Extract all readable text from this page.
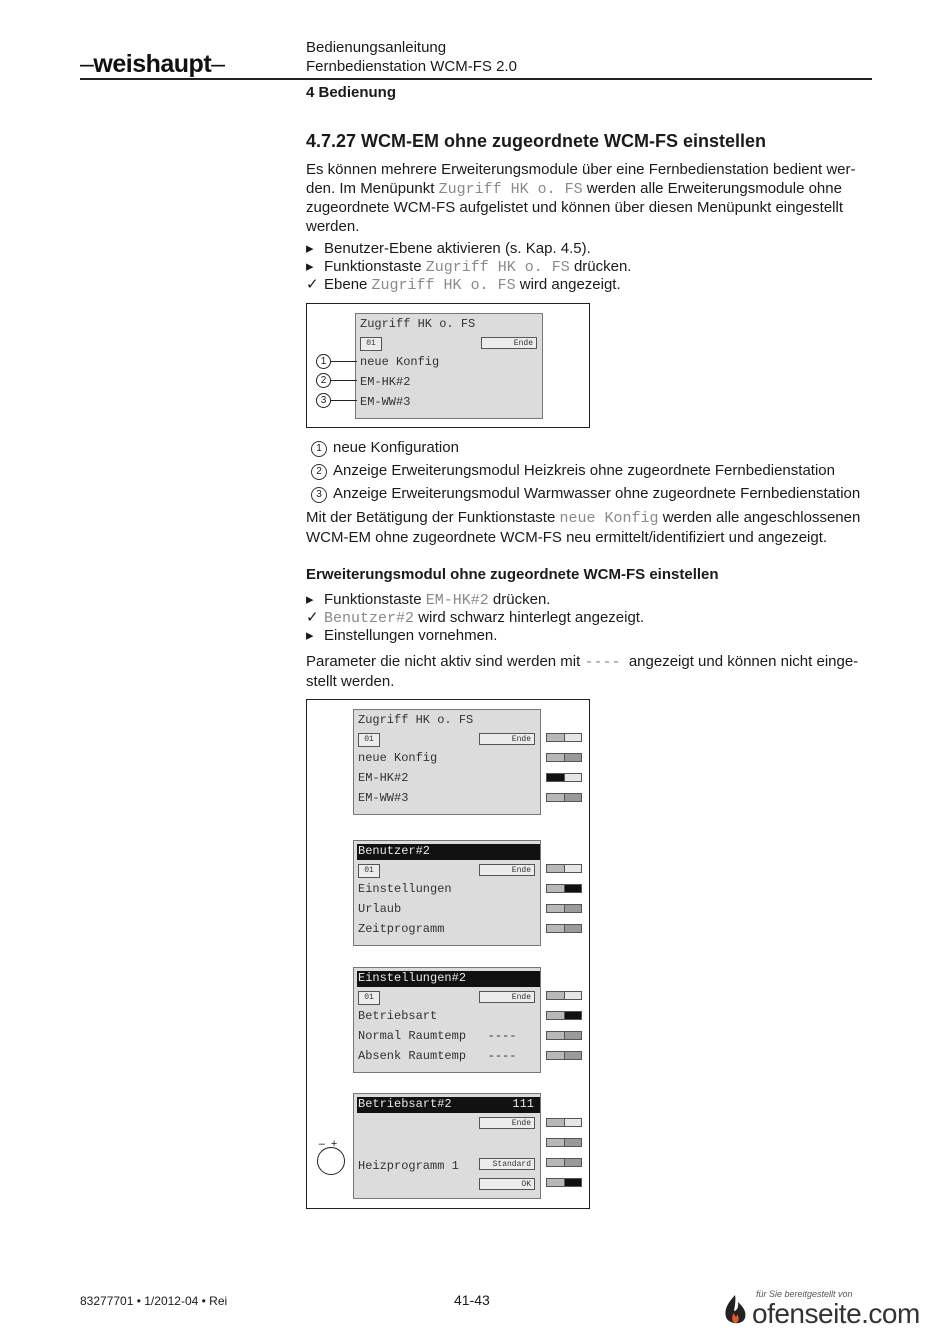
–weishaupt–
Bedienungsanleitung
Fernbedienstation WCM-FS 2.0
4 Bedienung
4.7.27 WCM-EM ohne zugeordnete WCM-FS einstellen
Es können mehrere Erweiterungsmodule über eine Fernbedienstation bedient wer-
den. Im Menüpunkt Zugriff HK o. FS werden alle Erweiterungsmodule ohne
zugeordnete WCM-FS aufgelistet und können über diesen Menüpunkt eingestellt
werden.
▸ Benutzer-Ebene aktivieren (s. Kap. 4.5).
▸ Funktionstaste Zugriff HK o. FS drücken.
✓ Ebene Zugriff HK o. FS wird angezeigt.
Zugriff HK o. FS
01	Ende
neue Konfig
EM-HK#2
EM-WW#3
1
2
3
1 neue Konfiguration
2 Anzeige Erweiterungsmodul Heizkreis ohne zugeordnete Fernbedienstation
3 Anzeige Erweiterungsmodul Warmwasser ohne zugeordnete Fernbedienstation
Mit der Betätigung der Funktionstaste neue Konfig werden alle angeschlossenen
WCM-EM ohne zugeordnete WCM-FS neu ermittelt/identifiziert und angezeigt.
Erweiterungsmodul ohne zugeordnete WCM-FS einstellen
▸ Funktionstaste EM-HK#2 drücken.
✓ Benutzer#2 wird schwarz hinterlegt angezeigt.
▸ Einstellungen vornehmen.
Parameter die nicht aktiv sind werden mit ---- angezeigt und können nicht einge-
stellt werden.
Zugriff HK o. FS
01	Ende
neue Konfig
EM-HK#2
EM-WW#3
Benutzer#2
01	Ende
Einstellungen
Urlaub
Zeitprogramm
Einstellungen#2
01	Ende
Betriebsart
Normal Raumtemp   ----
Absenk Raumtemp   ----
Betriebsart#2	111
Ende
Heizprogramm 1	Standard
OK
–+
83277701 • 1/2012-04 • Rei	41-43	für Sie bereitgestellt von
ofenseite.com
